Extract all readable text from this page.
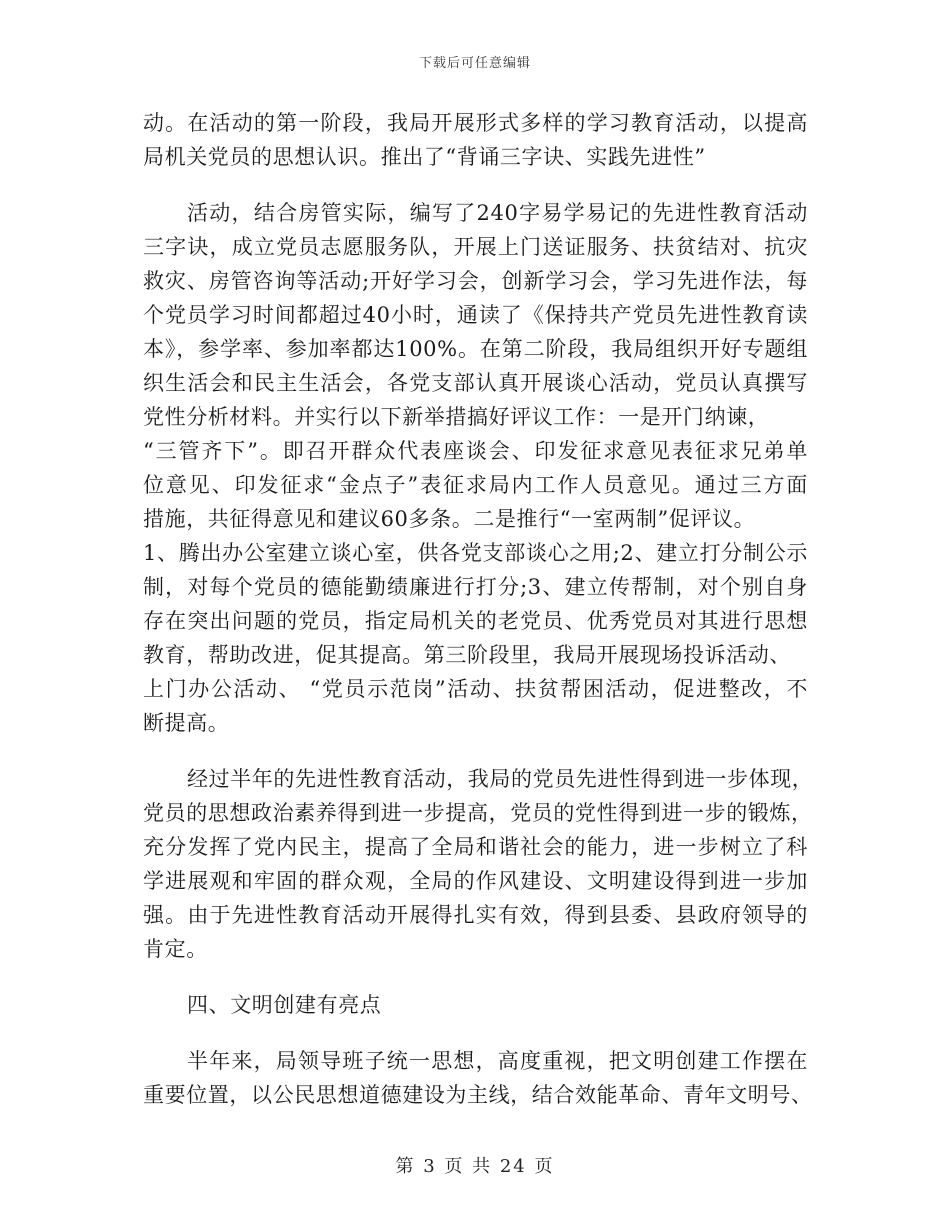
下载后可任意编辑
动。在活动的第一阶段，我局开展形式多样的学习教育活动，以提高
局机关党员的思想认识。推出了“背诵三字诀、实践先进性”
活动，结合房管实际，编写了240字易学易记的先进性教育活动
三字诀，成立党员志愿服务队，开展上门送证服务、扶贫结对、抗灾
救灾、房管咨询等活动;开好学习会，创新学习会，学习先进作法，每
个党员学习时间都超过40小时，通读了《保持共产党员先进性教育读
本》，参学率、参加率都达100%。在第二阶段，我局组织开好专题组
织生活会和民主生活会，各党支部认真开展谈心活动，党员认真撰写
党性分析材料。并实行以下新举措搞好评议工作：一是开门纳谏，
“三管齐下”。即召开群众代表座谈会、印发征求意见表征求兄弟单
位意见、印发征求“金点子”表征求局内工作人员意见。通过三方面
措施，共征得意见和建议60多条。二是推行“一室两制”促评议。
1、腾出办公室建立谈心室，供各党支部谈心之用;2、建立打分制公示
制，对每个党员的德能勤绩廉进行打分;3、建立传帮制，对个别自身
存在突出问题的党员，指定局机关的老党员、优秀党员对其进行思想
教育，帮助改进，促其提高。第三阶段里，我局开展现场投诉活动、
上门办公活动、 “党员示范岗”活动、扶贫帮困活动，促进整改，不
断提高。
经过半年的先进性教育活动，我局的党员先进性得到进一步体现，
党员的思想政治素养得到进一步提高，党员的党性得到进一步的锻炼，
充分发挥了党内民主，提高了全局和谐社会的能力，进一步树立了科
学进展观和牢固的群众观，全局的作风建设、文明建设得到进一步加
强。由于先进性教育活动开展得扎实有效，得到县委、县政府领导的
肯定。
四、文明创建有亮点
半年来，局领导班子统一思想，高度重视，把文明创建工作摆在
重要位置，以公民思想道德建设为主线，结合效能革命、青年文明号、
第 3 页 共 24 页
